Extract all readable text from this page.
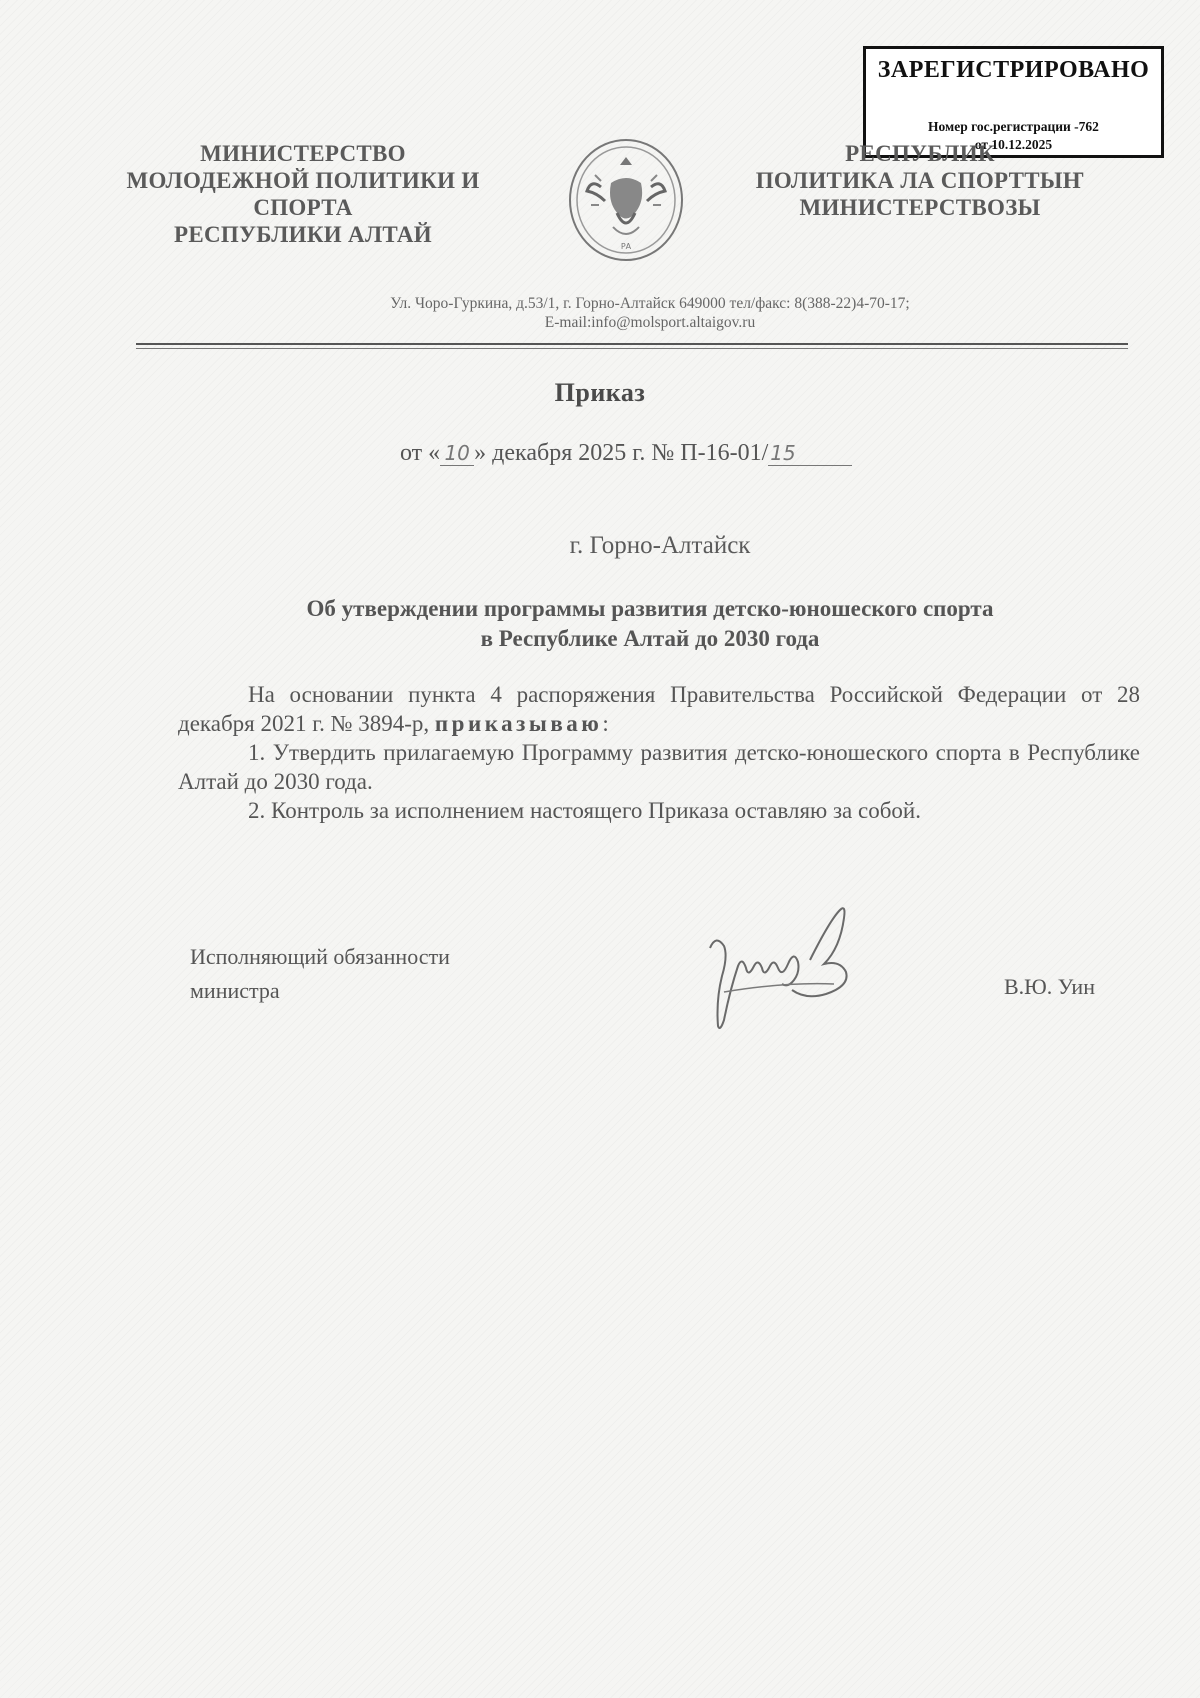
ЗАРЕГИСТРИРОВАНО
Номер гос.регистрации -762
от 10.12.2025
МИНИСТЕРСТВО
МОЛОДЕЖНОЙ ПОЛИТИКИ И
СПОРТА
РЕСПУБЛИКИ АЛТАЙ	РА
РЕСПУБЛИК
ПОЛИТИКА ЛА СПОРТТЫҤ
МИНИСТЕРСТВОЗЫ
Ул. Чоро-Гуркина, д.53/1, г. Горно-Алтайск 649000 тел/факс: 8(388-22)4-70-17;
E-mail:info@molsport.altaigov.ru
Приказ
от « 10 » декабря 2025 г. № П-16-01/ 15
г. Горно-Алтайск
Об утверждении программы развития детско-юношеского спорта
в Республике Алтай до 2030 года

На основании пункта 4 распоряжения Правительства Российской Федерации от 28 декабря 2021 г. № 3894-р, приказываю:

1. Утвердить прилагаемую Программу развития детско-юношеского спорта в Республике Алтай до 2030 года.

2. Контроль за исполнением настоящего Приказа оставляю за собой.

Исполняющий обязанности
министра	В.Ю. Уин
